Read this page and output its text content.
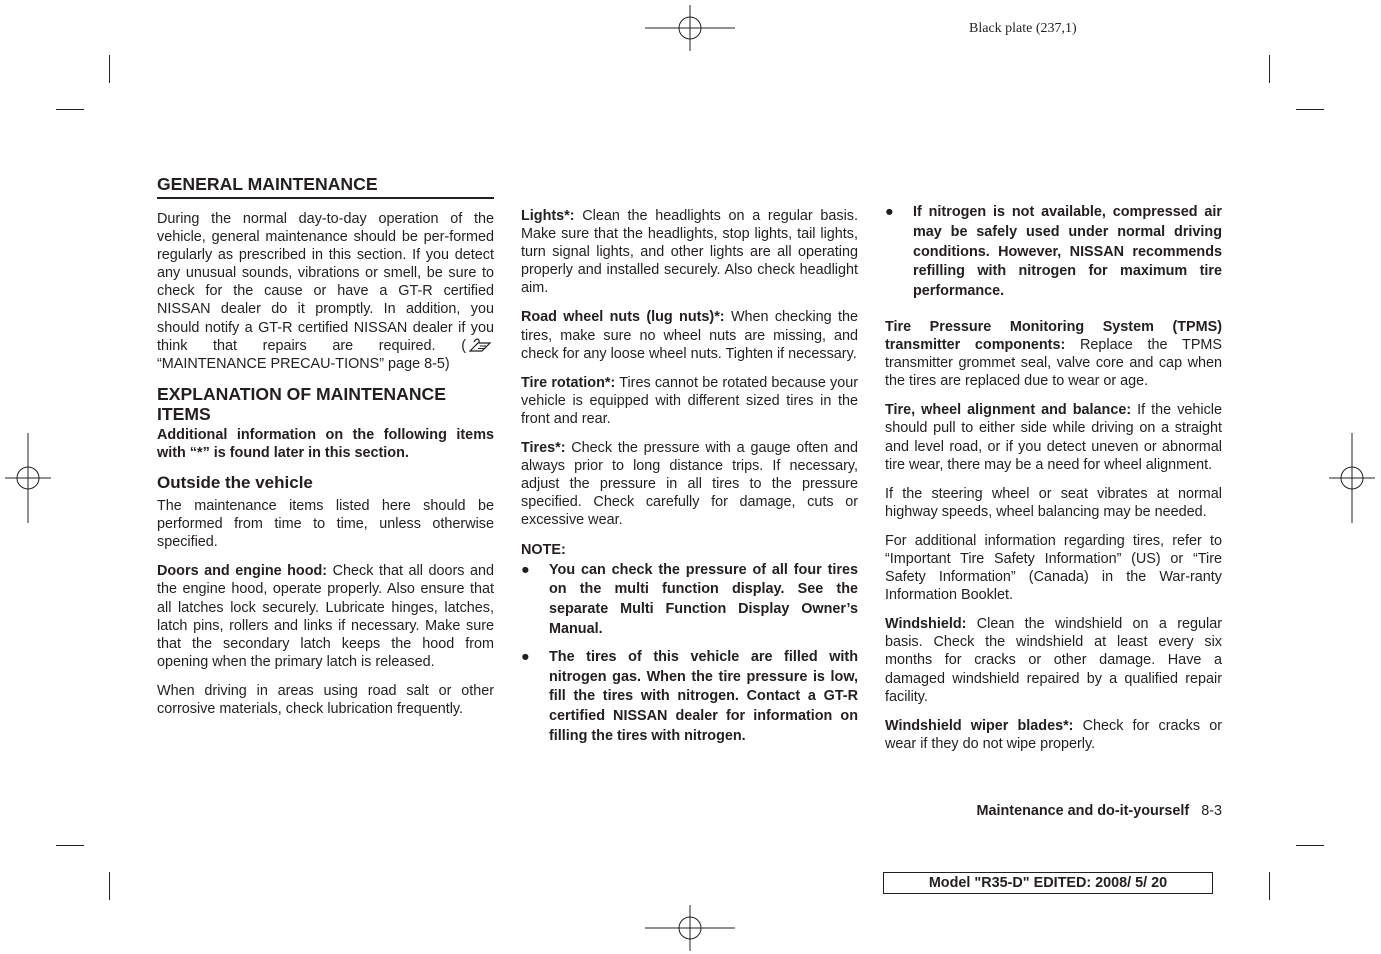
Black plate (237,1)
GENERAL MAINTENANCE

During the normal day-to-day operation of the vehicle, general maintenance should be per-formed regularly as prescribed in this section. If you detect any unusual sounds, vibrations or smell, be sure to check for the cause or have a GT-R certified NISSAN dealer do it promptly. In addition, you should notify a GT-R certified NISSAN dealer if you think that repairs are required. (“MAINTENANCE PRECAU-TIONS” page 8-5)

EXPLANATION OF MAINTENANCE ITEMS

Additional information on the following items with “*” is found later in this section.

Outside the vehicle

The maintenance items listed here should be performed from time to time, unless otherwise specified.

Doors and engine hood: Check that all doors and the engine hood, operate properly. Also ensure that all latches lock securely. Lubricate hinges, latches, latch pins, rollers and links if necessary. Make sure that the secondary latch keeps the hood from opening when the primary latch is released.

When driving in areas using road salt or other corrosive materials, check lubrication frequently.

Lights*: Clean the headlights on a regular basis. Make sure that the headlights, stop lights, tail lights, turn signal lights, and other lights are all operating properly and installed securely. Also check headlight aim.

Road wheel nuts (lug nuts)*: When checking the tires, make sure no wheel nuts are missing, and check for any loose wheel nuts. Tighten if necessary.

Tire rotation*: Tires cannot be rotated because your vehicle is equipped with different sized tires in the front and rear.

Tires*: Check the pressure with a gauge often and always prior to long distance trips. If necessary, adjust the pressure in all tires to the pressure specified. Check carefully for damage, cuts or excessive wear.

NOTE:

● You can check the pressure of all four tires on the multi function display. See the separate Multi Function Display Owner’s Manual.
● The tires of this vehicle are filled with nitrogen gas. When the tire pressure is low, fill the tires with nitrogen. Contact a GT-R certified NISSAN dealer for information on filling the tires with nitrogen.
● If nitrogen is not available, compressed air may be safely used under normal driving conditions. However, NISSAN recommends refilling with nitrogen for maximum tire performance.

Tire Pressure Monitoring System (TPMS) transmitter components: Replace the TPMS transmitter grommet seal, valve core and cap when the tires are replaced due to wear or age.

Tire, wheel alignment and balance: If the vehicle should pull to either side while driving on a straight and level road, or if you detect uneven or abnormal tire wear, there may be a need for wheel alignment.

If the steering wheel or seat vibrates at normal highway speeds, wheel balancing may be needed.

For additional information regarding tires, refer to “Important Tire Safety Information” (US) or “Tire Safety Information” (Canada) in the War-ranty Information Booklet.

Windshield: Clean the windshield on a regular basis. Check the windshield at least every six months for cracks or other damage. Have a damaged windshield repaired by a qualified repair facility.

Windshield wiper blades*: Check for cracks or wear if they do not wipe properly.

Maintenance and do-it-yourself 8-3
Model "R35-D" EDITED: 2008/ 5/ 20
